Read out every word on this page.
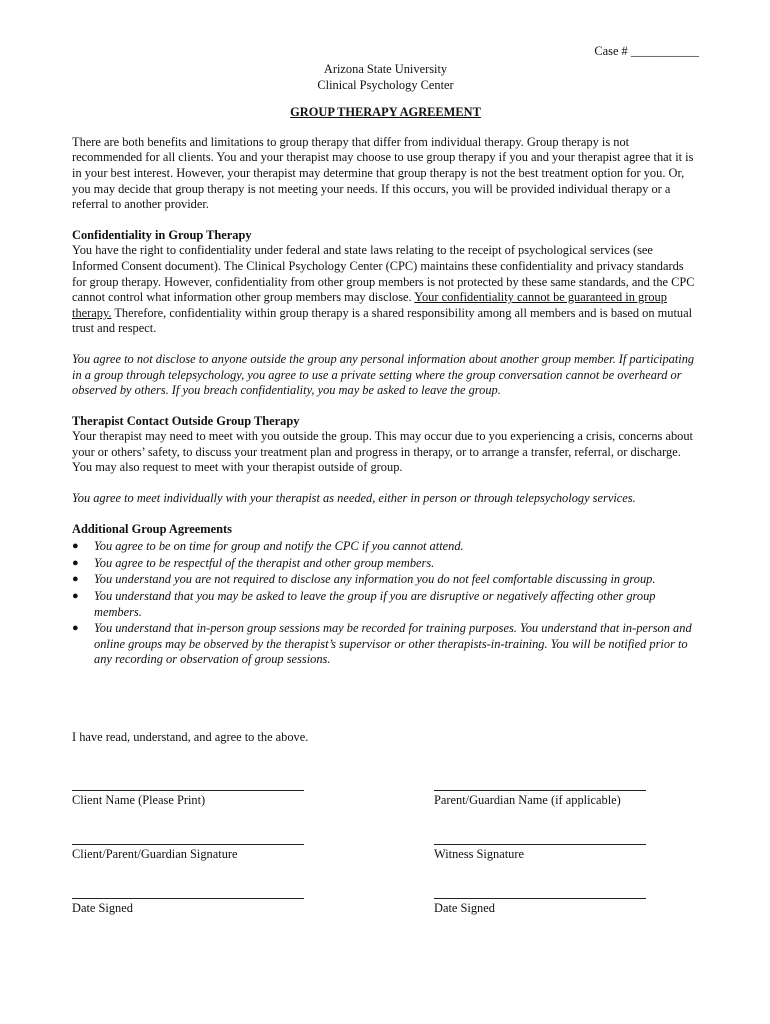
Case # ___________
Arizona State University
Clinical Psychology Center
GROUP THERAPY AGREEMENT

There are both benefits and limitations to group therapy that differ from individual therapy. Group therapy is not recommended for all clients. You and your therapist may choose to use group therapy if you and your therapist agree that it is in your best interest. However, your therapist may determine that group therapy is not the best treatment option for you. Or, you may decide that group therapy is not meeting your needs. If this occurs, you will be provided individual therapy or a referral to another provider.

Confidentiality in Group Therapy

You have the right to confidentiality under federal and state laws relating to the receipt of psychological services (see Informed Consent document). The Clinical Psychology Center (CPC) maintains these confidentiality and privacy standards for group therapy. However, confidentiality from other group members is not protected by these same standards, and the CPC cannot control what information other group members may disclose. Your confidentiality cannot be guaranteed in group therapy. Therefore, confidentiality within group therapy is a shared responsibility among all members and is based on mutual trust and respect.

You agree to not disclose to anyone outside the group any personal information about another group member. If participating in a group through telepsychology, you agree to use a private setting where the group conversation cannot be overheard or observed by others. If you breach confidentiality, you may be asked to leave the group.

Therapist Contact Outside Group Therapy

Your therapist may need to meet with you outside the group. This may occur due to you experiencing a crisis, concerns about your or others’ safety, to discuss your treatment plan and progress in therapy, or to arrange a transfer, referral, or discharge. You may also request to meet with your therapist outside of group.

You agree to meet individually with your therapist as needed, either in person or through telepsychology services.

Additional Group Agreements
● You agree to be on time for group and notify the CPC if you cannot attend.
● You agree to be respectful of the therapist and other group members.
● You understand you are not required to disclose any information you do not feel comfortable discussing in group.
● You understand that you may be asked to leave the group if you are disruptive or negatively affecting other group members.
● You understand that in-person group sessions may be recorded for training purposes. You understand that in-person and online groups may be observed by the therapist’s supervisor or other therapists-in-training. You will be notified prior to any recording or observation of group sessions.

I have read, understand, and agree to the above.

Client Name (Please Print)	Parent/Guardian Name (if applicable)
Client/Parent/Guardian Signature	Witness Signature
Date Signed	Date Signed
